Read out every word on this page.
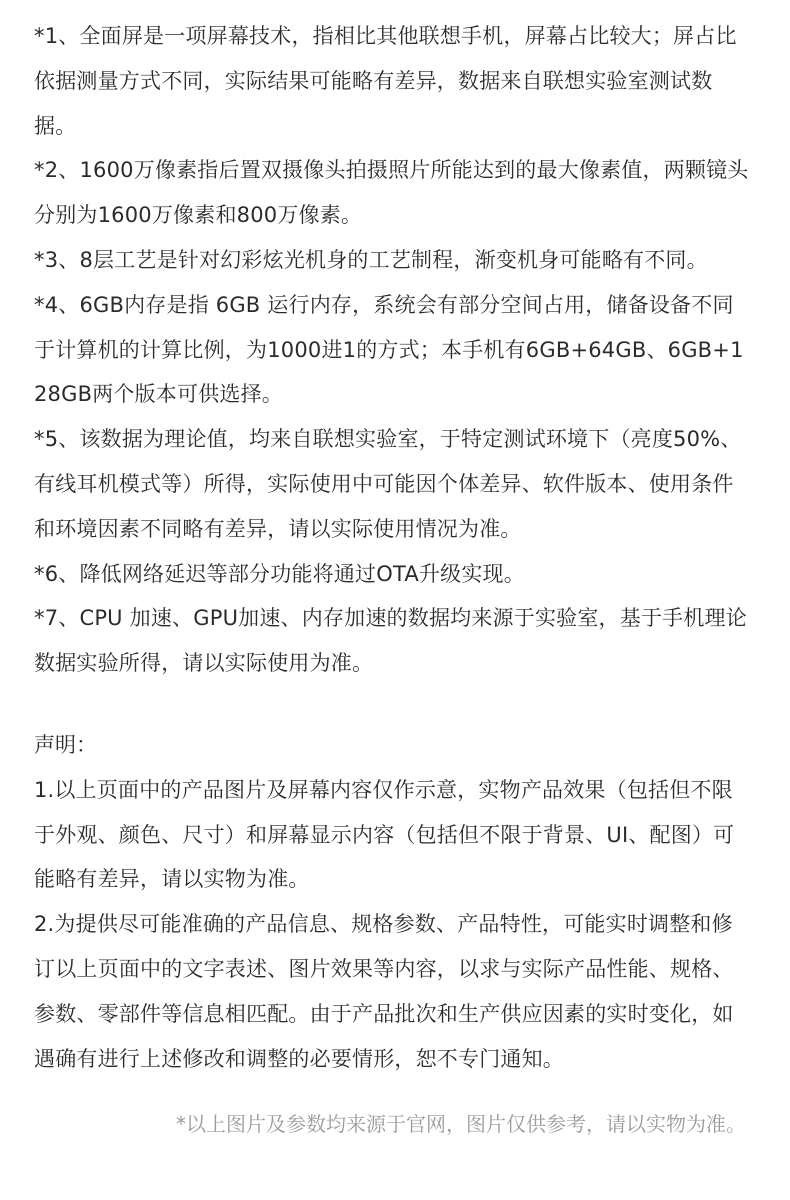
*1、全面屏是一项屏幕技术，指相比其他联想手机，屏幕占比较大；屏占比依据测量方式不同，实际结果可能略有差异，数据来自联想实验室测试数据。

*2、1600万像素指后置双摄像头拍摄照片所能达到的最大像素值，两颗镜头分别为1600万像素和800万像素。

*3、8层工艺是针对幻彩炫光机身的工艺制程，渐变机身可能略有不同。

*4、6GB内存是指 6GB 运行内存，系统会有部分空间占用，储备设备不同于计算机的计算比例，为1000进1的方式；本手机有6GB+64GB、6GB+128GB两个版本可供选择。

*5、该数据为理论值，均来自联想实验室，于特定测试环境下（亮度50%、有线耳机模式等）所得，实际使用中可能因个体差异、软件版本、使用条件和环境因素不同略有差异，请以实际使用情况为准。

*6、降低网络延迟等部分功能将通过OTA升级实现。

*7、CPU 加速、GPU加速、内存加速的数据均来源于实验室，基于手机理论数据实验所得，请以实际使用为准。

声明：

1.以上页面中的产品图片及屏幕内容仅作示意，实物产品效果（包括但不限于外观、颜色、尺寸）和屏幕显示内容（包括但不限于背景、UI、配图）可能略有差异，请以实物为准。

2.为提供尽可能准确的产品信息、规格参数、产品特性，可能实时调整和修订以上页面中的文字表述、图片效果等内容，以求与实际产品性能、规格、参数、零部件等信息相匹配。由于产品批次和生产供应因素的实时变化，如遇确有进行上述修改和调整的必要情形，恕不专门通知。

*以上图片及参数均来源于官网，图片仅供参考，请以实物为准。
